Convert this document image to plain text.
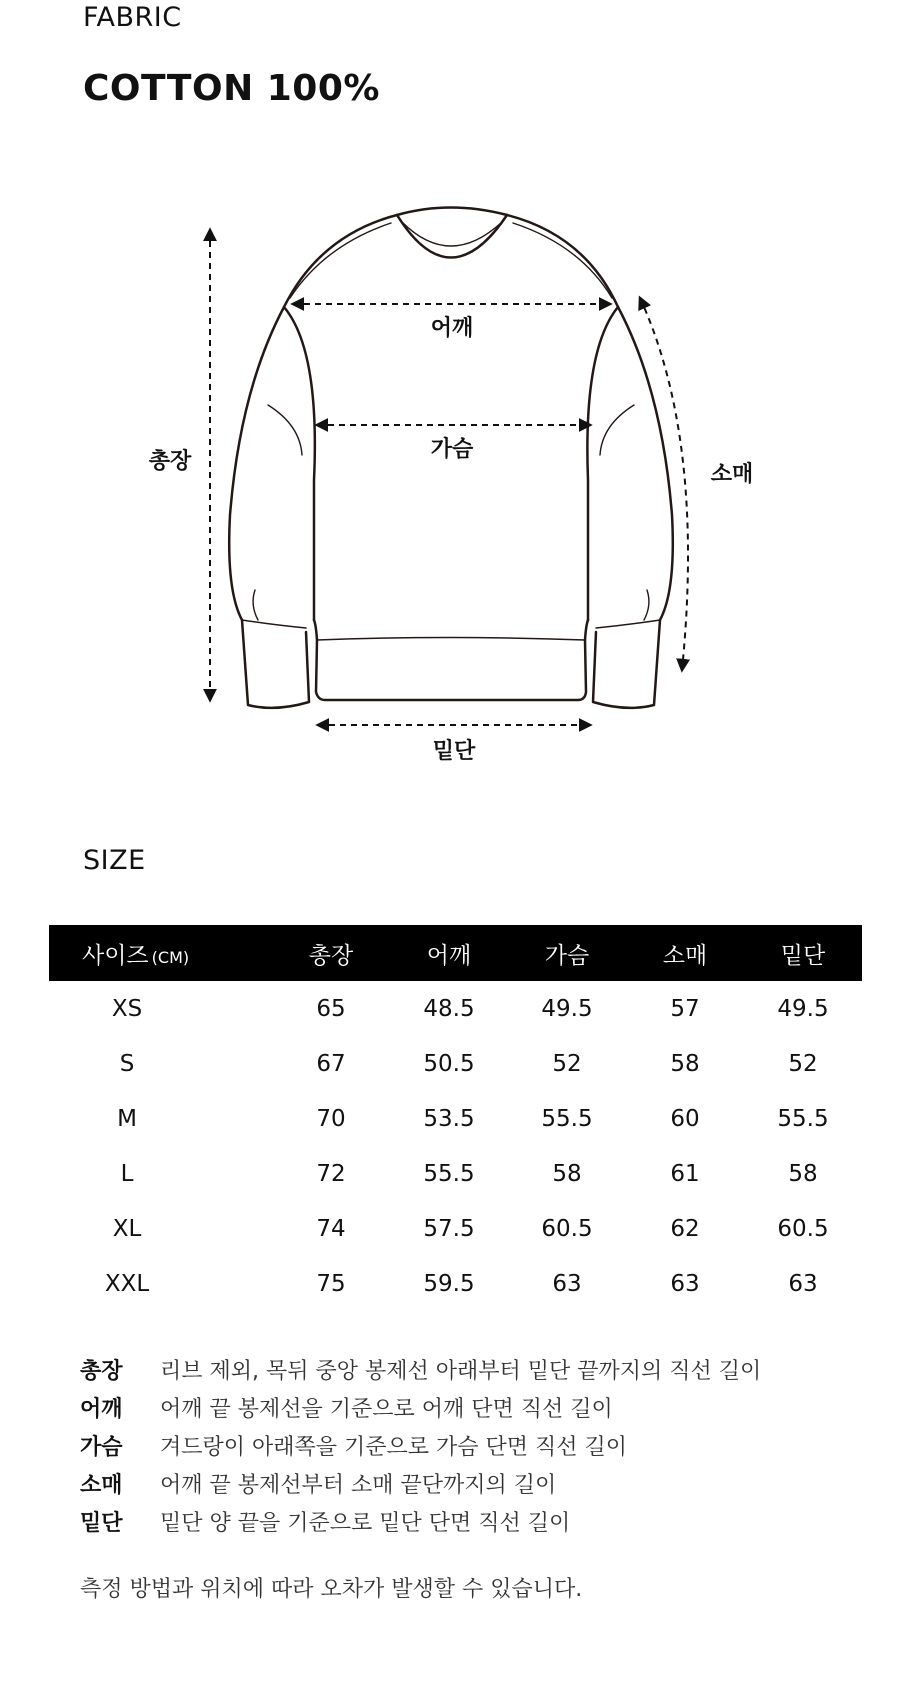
FABRIC
COTTON 100%
총장
어깨
가슴
소매
밑단
SIZE
사이즈 (CM)	총장	어깨	가슴	소매	밑단
XS	65	48.5	49.5	57	49.5
S	67	50.5	52	58	52
M	70	53.5	55.5	60	55.5
L	72	55.5	58	61	58
XL	74	57.5	60.5	62	60.5
XXL	75	59.5	63	63	63
총장	리브 제외, 목뒤 중앙 봉제선 아래부터 밑단 끝까지의 직선 길이
어깨	어깨 끝 봉제선을 기준으로 어깨 단면 직선 길이
가슴	겨드랑이 아래쪽을 기준으로 가슴 단면 직선 길이
소매	어깨 끝 봉제선부터 소매 끝단까지의 길이
밑단	밑단 양 끝을 기준으로 밑단 단면 직선 길이
측정 방법과 위치에 따라 오차가 발생할 수 있습니다.
